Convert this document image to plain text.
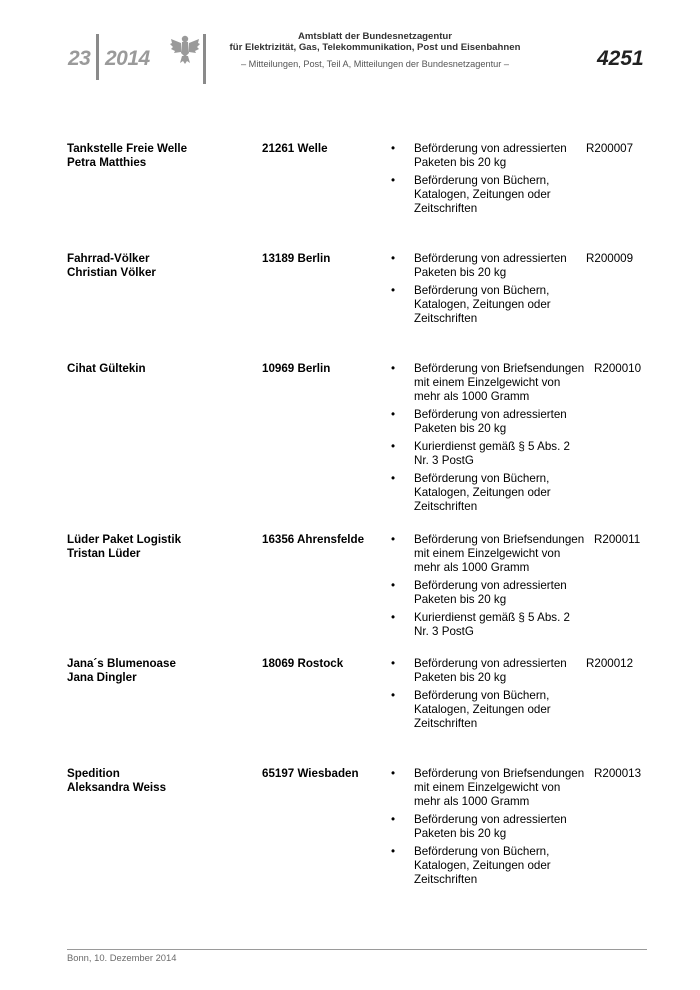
23 2014
Amtsblatt der Bundesnetzagentur
für Elektrizität, Gas, Telekommunikation, Post und Eisenbahnen
– Mitteilungen, Post, Teil A, Mitteilungen der Bundesnetzagentur –	4251
Tankstelle Freie Welle
Petra Matthies
21261 Welle	• Beförderung von adressierten
Paketen bis 20 kg
• Beförderung von Büchern,
Katalogen, Zeitungen oder
Zeitschriften
R200007
Fahrrad-Völker
Christian Völker
13189 Berlin	• Beförderung von adressierten
Paketen bis 20 kg
• Beförderung von Büchern,
Katalogen, Zeitungen oder
Zeitschriften
R200009
Cihat Gültekin	10969 Berlin	• Beförderung von Briefsendungen
mit einem Einzelgewicht von
mehr als 1000 Gramm
• Beförderung von adressierten
Paketen bis 20 kg
• Kurierdienst gemäß § 5 Abs. 2
Nr. 3 PostG
• Beförderung von Büchern,
Katalogen, Zeitungen oder
Zeitschriften
R200010
Lüder Paket Logistik
Tristan Lüder
16356 Ahrensfelde • Beförderung von Briefsendungen
mit einem Einzelgewicht von
mehr als 1000 Gramm
• Beförderung von adressierten
Paketen bis 20 kg
• Kurierdienst gemäß § 5 Abs. 2
Nr. 3 PostG
R200011
Jana´s Blumenoase
Jana Dingler
18069 Rostock	• Beförderung von adressierten
Paketen bis 20 kg
• Beförderung von Büchern,
Katalogen, Zeitungen oder
Zeitschriften
R200012
Spedition
Aleksandra Weiss
65197 Wiesbaden	• Beförderung von Briefsendungen
mit einem Einzelgewicht von
mehr als 1000 Gramm
• Beförderung von adressierten
Paketen bis 20 kg
• Beförderung von Büchern,
Katalogen, Zeitungen oder
Zeitschriften
R200013
Bonn, 10. Dezember 2014
